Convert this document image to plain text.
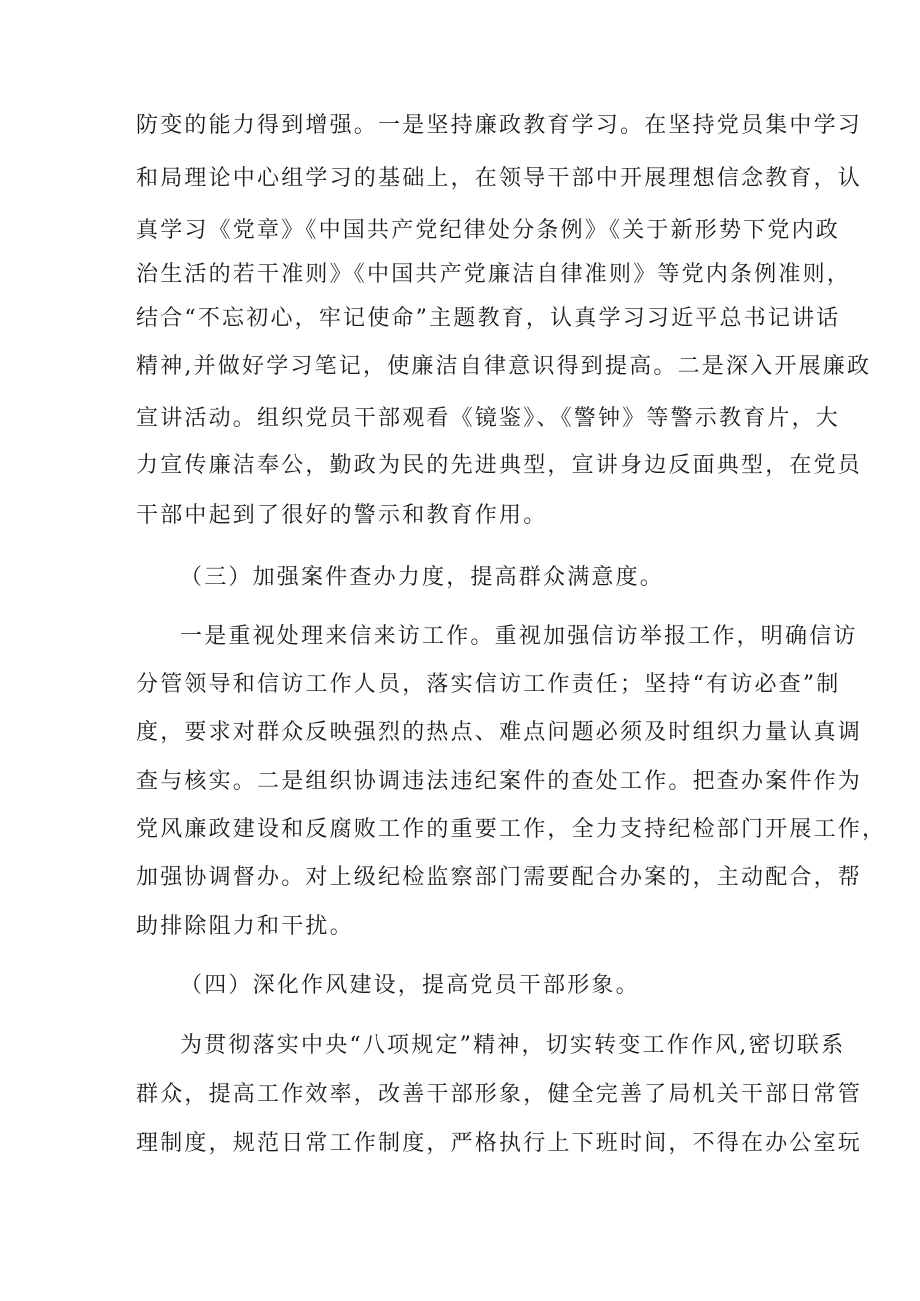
防变的能力得到增强。一是坚持廉政教育学习。在坚持党员集中学习
和局理论中心组学习的基础上，在领导干部中开展理想信念教育，认
真学习《党章》《中国共产党纪律处分条例》《关于新形势下党内政
治生活的若干准则》《中国共产党廉洁自律准则》等党内条例准则，
结合“不忘初心，牢记使命”主题教育，认真学习习近平总书记讲话
精神,并做好学习笔记，使廉洁自律意识得到提高。二是深入开展廉政
宣讲活动。组织党员干部观看《镜鉴》、《警钟》等警示教育片，大
力宣传廉洁奉公，勤政为民的先进典型，宣讲身边反面典型，在党员
干部中起到了很好的警示和教育作用。
（三）加强案件查办力度，提高群众满意度。
一是重视处理来信来访工作。重视加强信访举报工作，明确信访
分管领导和信访工作人员，落实信访工作责任；坚持“有访必查”制
度，要求对群众反映强烈的热点、难点问题必须及时组织力量认真调
查与核实。二是组织协调违法违纪案件的查处工作。把查办案件作为
党风廉政建设和反腐败工作的重要工作，全力支持纪检部门开展工作，
加强协调督办。对上级纪检监察部门需要配合办案的，主动配合，帮
助排除阻力和干扰。
（四）深化作风建设，提高党员干部形象。
为贯彻落实中央“八项规定”精神，切实转变工作作风,密切联系
群众，提高工作效率，改善干部形象，健全完善了局机关干部日常管
理制度，规范日常工作制度，严格执行上下班时间，不得在办公室玩
